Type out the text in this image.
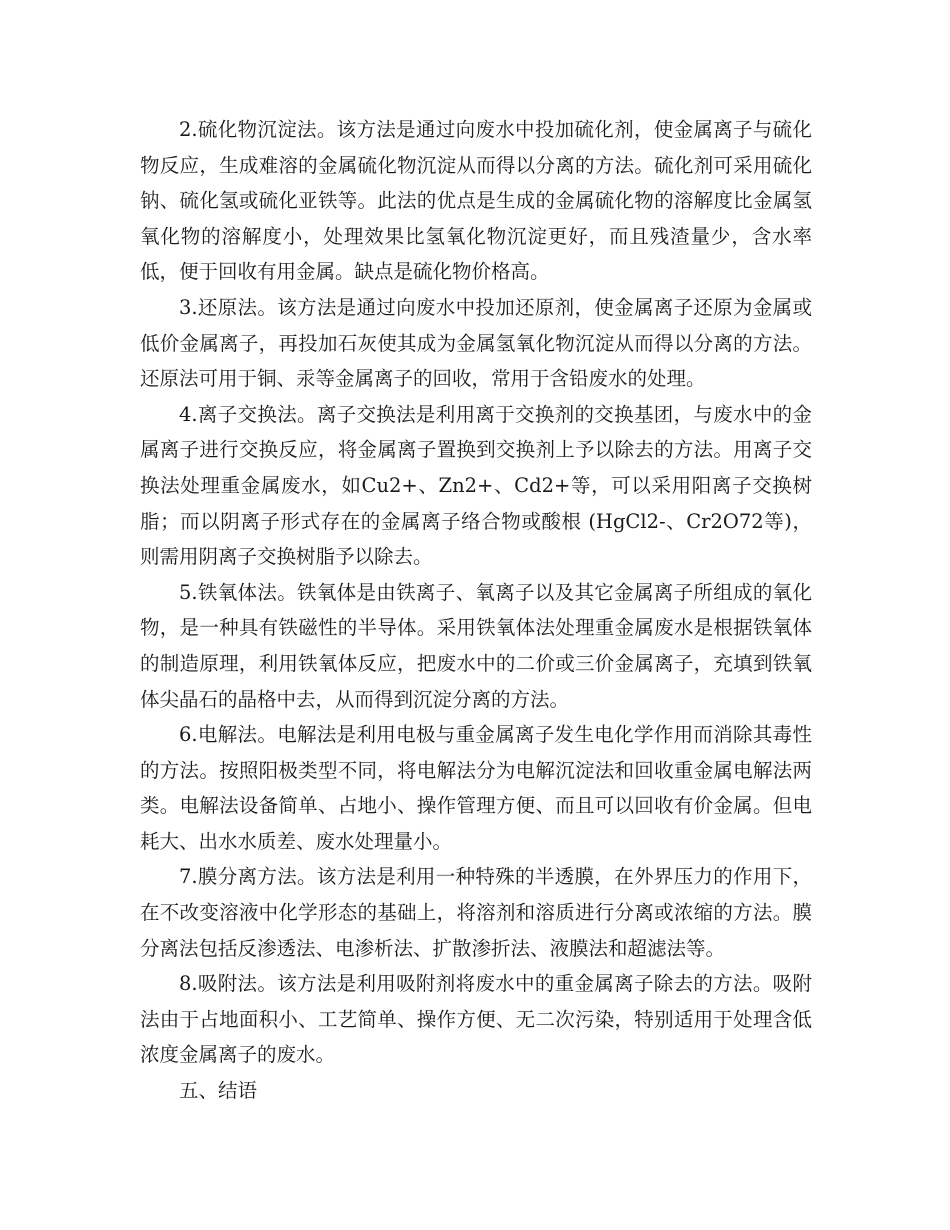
2.硫化物沉淀法。该方法是通过向废水中投加硫化剂，使金属离子与硫化物反应，生成难溶的金属硫化物沉淀从而得以分离的方法。硫化剂可采用硫化钠、硫化氢或硫化亚铁等。此法的优点是生成的金属硫化物的溶解度比金属氢氧化物的溶解度小，处理效果比氢氧化物沉淀更好，而且残渣量少，含水率低，便于回收有用金属。缺点是硫化物价格高。

3.还原法。该方法是通过向废水中投加还原剂，使金属离子还原为金属或低价金属离子，再投加石灰使其成为金属氢氧化物沉淀从而得以分离的方法。还原法可用于铜、汞等金属离子的回收，常用于含铅废水的处理。

4.离子交换法。离子交换法是利用离于交换剂的交换基团，与废水中的金属离子进行交换反应，将金属离子置换到交换剂上予以除去的方法。用离子交换法处理重金属废水，如Cu2+、Zn2+、Cd2+等，可以采用阳离子交换树脂；而以阴离子形式存在的金属离子络合物或酸根 (HgCl2-、Cr2O72等)，则需用阴离子交换树脂予以除去。

5.铁氧体法。铁氧体是由铁离子、氧离子以及其它金属离子所组成的氧化物，是一种具有铁磁性的半导体。采用铁氧体法处理重金属废水是根据铁氧体的制造原理，利用铁氧体反应，把废水中的二价或三价金属离子，充填到铁氧体尖晶石的晶格中去，从而得到沉淀分离的方法。

6.电解法。电解法是利用电极与重金属离子发生电化学作用而消除其毒性的方法。按照阳极类型不同，将电解法分为电解沉淀法和回收重金属电解法两类。电解法设备简单、占地小、操作管理方便、而且可以回收有价金属。但电耗大、出水水质差、废水处理量小。

7.膜分离方法。该方法是利用一种特殊的半透膜，在外界压力的作用下，在不改变溶液中化学形态的基础上，将溶剂和溶质进行分离或浓缩的方法。膜分离法包括反渗透法、电渗析法、扩散渗折法、液膜法和超滤法等。

8.吸附法。该方法是利用吸附剂将废水中的重金属离子除去的方法。吸附法由于占地面积小、工艺简单、操作方便、无二次污染，特别适用于处理含低浓度金属离子的废水。

五、结语
